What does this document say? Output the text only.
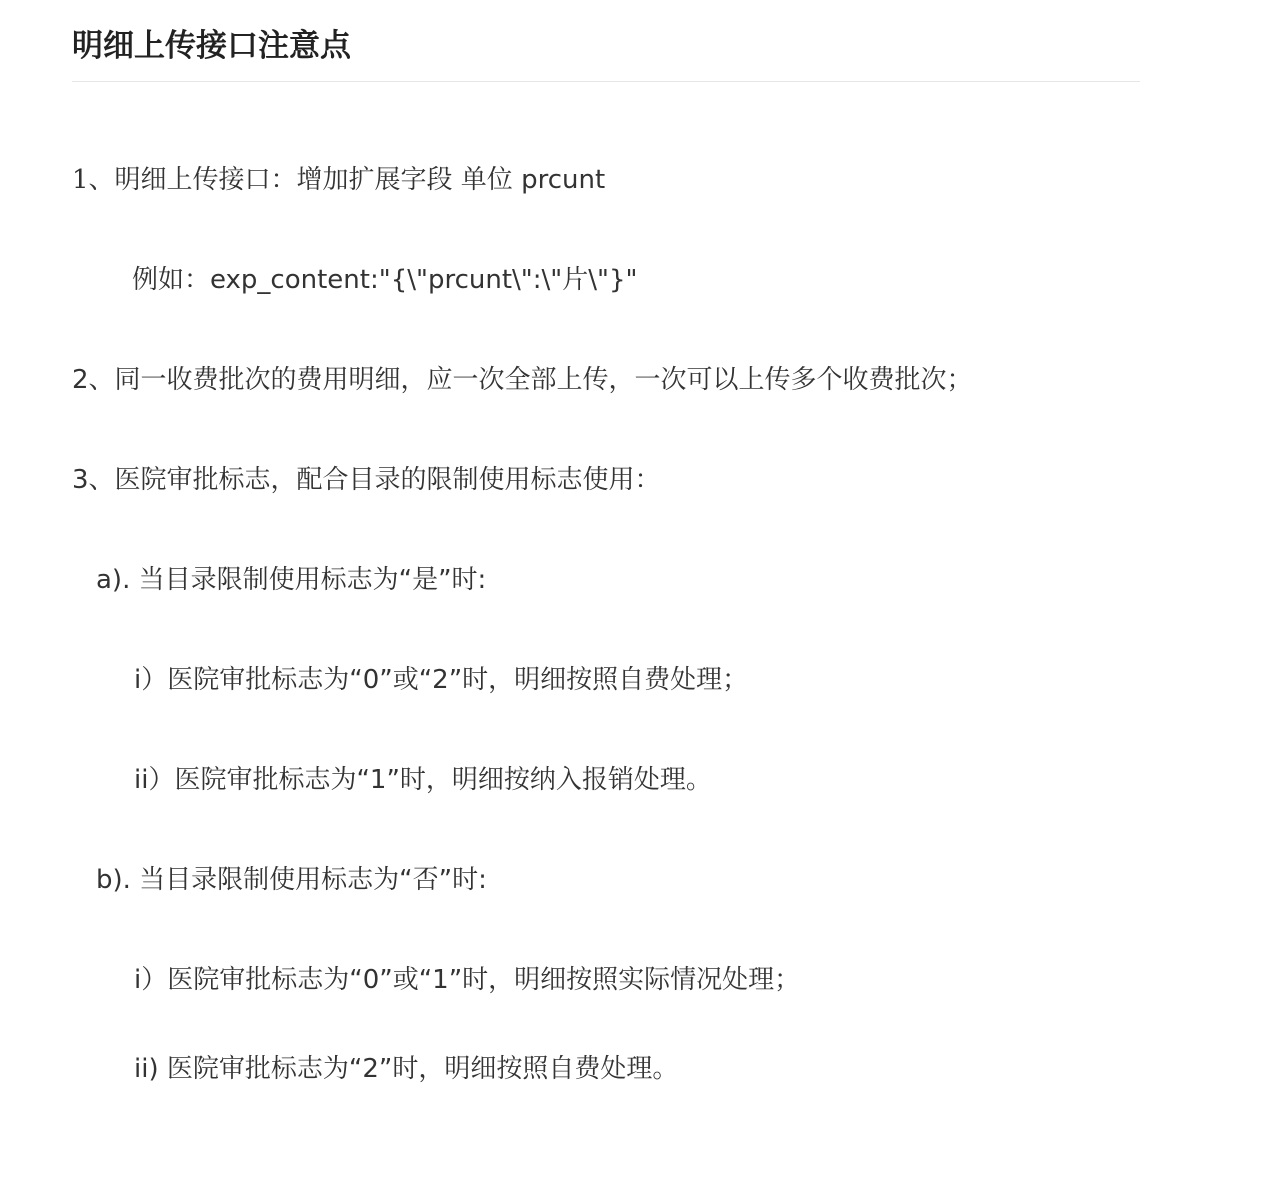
明细上传接口注意点
1、明细上传接口：增加扩展字段 单位 prcunt
例如：exp_content:"{\"prcunt\":\"片\"}"
2、同一收费批次的费用明细，应一次全部上传，一次可以上传多个收费批次；
3、医院审批标志，配合目录的限制使用标志使用：
a). 当目录限制使用标志为“是”时:
i）医院审批标志为“0”或“2”时，明细按照自费处理；
ii）医院审批标志为“1”时，明细按纳入报销处理。
b). 当目录限制使用标志为“否”时:
i）医院审批标志为“0”或“1”时，明细按照实际情况处理；
ii) 医院审批标志为“2”时，明细按照自费处理。
